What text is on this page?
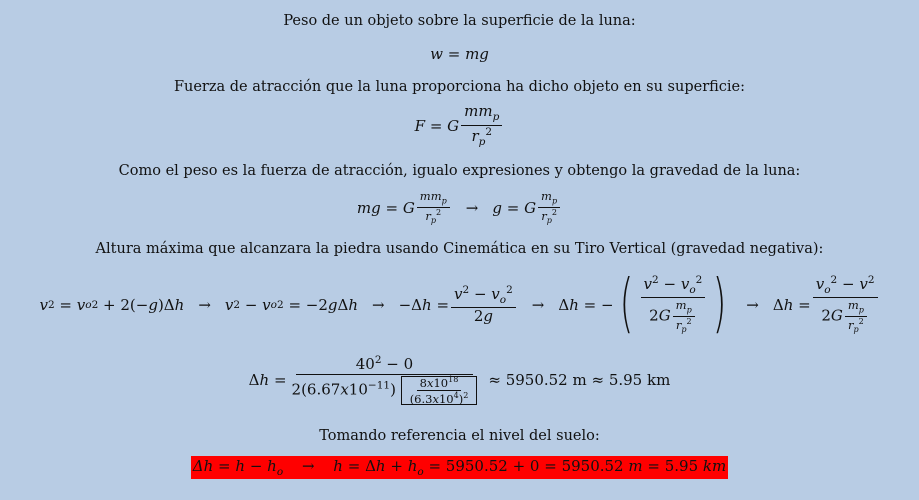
Peso de un objeto sobre la superficie de la luna:
w = mg
Fuerza de atracción que la luna proporciona ha dicho objeto en su superficie:
F = G $\frac{mm_p}{r_p^2}$
Como el peso es la fuerza de atracción, igualo expresiones y obtengo la gravedad de la luna:
mg = G $\frac{mm_p}{r_p^2} \to g = G \frac{m_p}{r_p^2}$
Altura máxima que alcanzara la piedra usando Cinemática en su Tiro Vertical (gravedad negativa):
v 2 = v o 2 + 2(− g )Δ h → v 2 − v o 2 = −2 g Δ h → −Δ $h = \frac{v^2 - v_o^2}{2g} \to \Delta$ h = − ( $\frac{v^2 - v_o^2}{2G \frac{m_p}{r_p^2}}$ ) → Δ $h = \frac{v_o^2 - v^2}{2G \frac{m_p}{r_p^2}}$
Δ $h = \frac{40^2 - 0}{2(6.67x10^{-11}) \frac{8x10^{18}}{(6.3x10^4)^2}} \approx 5950.52$ m ≈ 5.95 km
Tomando referencia el nivel del suelo:
$\Delta h = h - h_o \to h = \Delta h + h_o = 5950.52 + 0 = 5950.52$ m = 5.95 km
